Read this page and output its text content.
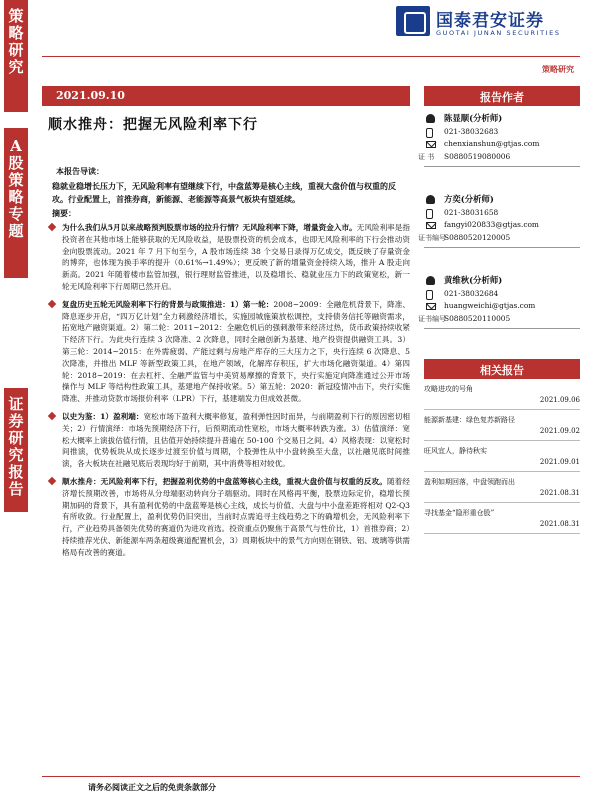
策
略
研
究
A
股
策
略
专
题
证
券
研
究
报
告
国泰君安证券
GUOTAI JUNAN SECURITIES
策略研究
2021.09.10
顺水推舟：把握无风险利率下行
本报告导读：
稳就业稳增长压力下，无风险利率有望继续下行，中盘蓝筹是核心主线，重视大盘价值与权重的反攻。行业配置上，首推券商，新能源、老能源等高景气板块有望延续。
摘要：
为什么我们从5月以来战略预判股票市场的拉升行情？无风险利率下降，增量资金入市。无风险利率是指投资者在其他市场上能够获取的无风险收益，是股票投资的机会成本，也即无风险利率的下行会推动资金向股票流动。2021 年 7 月下旬至今，A 股市场连续 38 个交易日录得万亿成交，既反映了存量资金的博弈，也体现为换手率的提升（0.61%→1.49%）；更反映了新的增量资金持续入场，推升 A 股走向新高。2021 年随着楼市监管加强，银行理财监管推进，以及稳增长、稳就业压力下的政策宽松，新一轮无风险利率下行周期已然开启。
复盘历史五轮无风险利率下行的背景与政策推进：1）第一轮：2008~2009：全融危机背景下，降准、降息逐步开启，“四万亿计划”全力刺激经济增长，实施园城施策放松调控，支持债务信托等融资需求，拓宽地产融资渠道。2）第二轮：2011~2012：全融危机后的强刺激带来经济过热，货币政策持续收紧下经济下行。为此央行连续 3 次降准、2 次降息，同时全融创新为基建、地产投资提供融资工具。3）第三轮：2014~2015：在外需疲弱、产能过剩与房地产库存的三大压力之下，央行连续 6 次降息、5 次降准，并推出 MLF 等新型政策工具，在地产领域，化解库存积压，扩大市场化融资渠道。4）第四轮：2018~2019：在去杠杆、全融严监管与中美贸易摩擦的背景下，央行实施定向降准通过公开市场操作与 MLF 等结构性政策工具，基建地产保持收紧。5）第五轮：2020：新冠疫情冲击下，央行实施降准、并推动贷款市场报价利率（LPR）下行，基建端发力但成效甚微。
以史为鉴：1）盈利端：宽松市场下盈利大概率修复，盈利弹性因时而异，与前期盈利下行的原因密切相关；2）行情演绎：市场先预期经济下行，后预期流动性宽松，市场大概率转跌为涨。3）估值演绎：宽松大概率上演拔估值行情，且估值开始持续提升普遍在 50-100 个交易日之间。4）风格表现：以宽松时间推演，优势板块从成长逐步过渡至价值与周期，个股弹性从中小盘转换至大盘，以社融见底时间推演，各大板块在社融见底后表现均好于前期，其中消费等相对较优。
顺水推舟：无风险利率下行，把握盈利优势的中盘蓝筹核心主线，重视大盘价值与权重的反攻。随着经济增长预期改善，市场将从分母端驱动转向分子端驱动。同时在风格再平衡，股票边际定价，稳增长预期加码的背景下，具有盈利优势的中盘蓝筹是核心主线，成长与价值、大盘与中小盘差距将相对 Q2-Q3 有所收敛。行业配置上，盈利优势仍旧突出，当前时点需追寻主线趋势之下的确增机会，无风险利率下行，产业趋势具备领先优势的赛道仍为进攻首选。投资重点仍聚焦于高景气与性价比，1）首推券商；2）持续推荐光伏、新能源车两条超级赛道配置机会，3）周期板块中的景气方向则在钢铁、铝、玻璃等供需格局有改善的赛道。
请务必阅读正文之后的免责条款部分
报告作者
陈显顺(分析师)
021-38032683
chenxianshun@gtjas.com
证 书 S0880519080006
方奕(分析师)
021-38031658
fangyi020833@gtjas.com
证书编号
S0880520120005
黄维秋(分析师)
021-38032684
huangweichi@gtjas.com
证书编号
S0880520110005
相关报告
攻略进攻的号角
2021.09.06
能源新基建：绿色复苏新路径
2021.09.02
旺风宜人，静待秋实
2021.09.01
盈利如期回落，中盘领跑而出
2021.08.31
寻找基金“隐形重仓股”
2021.08.31
